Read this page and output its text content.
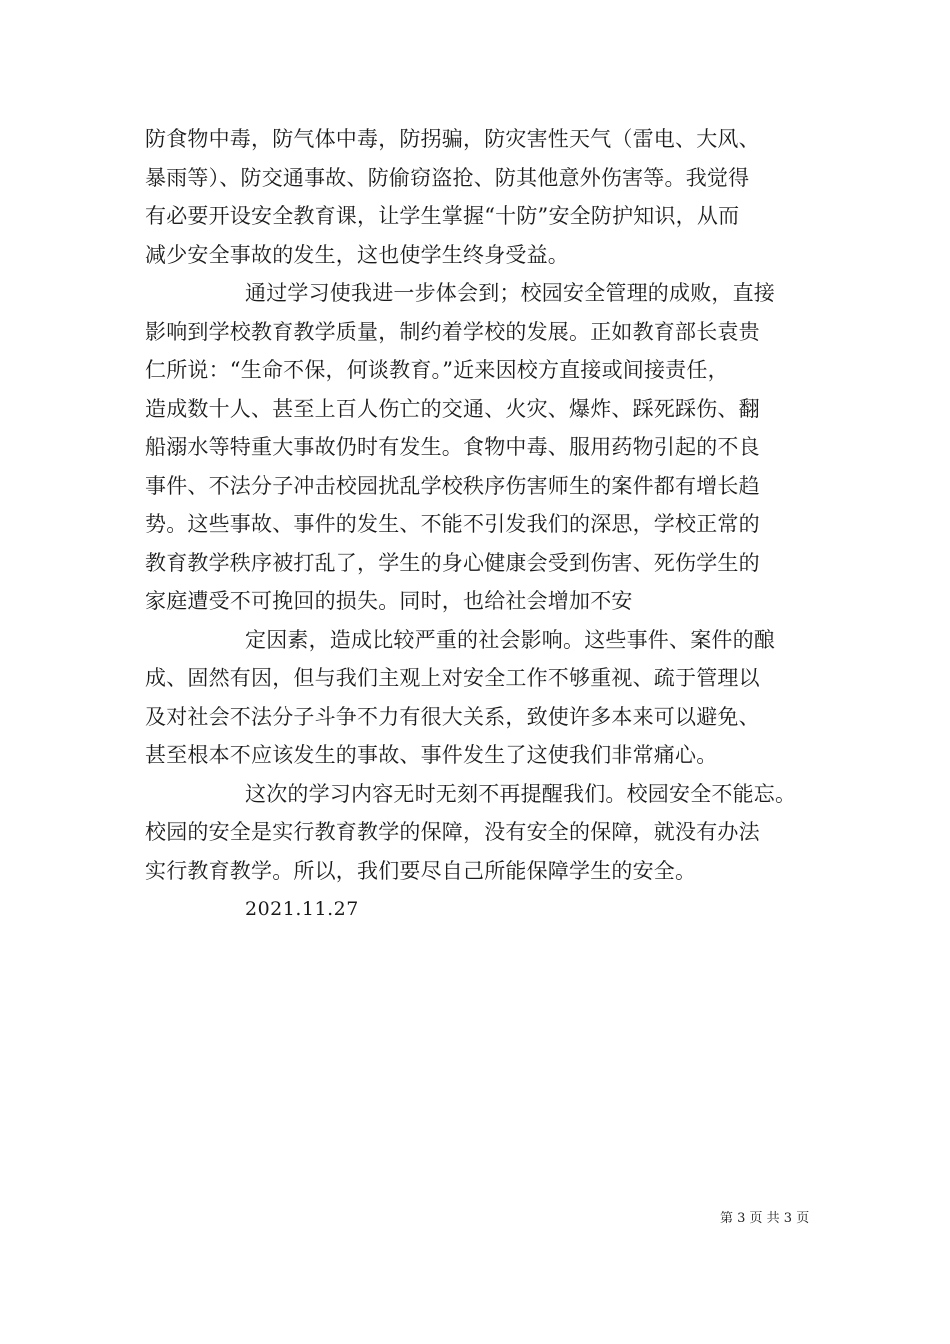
防食物中毒，防气体中毒，防拐骗，防灾害性天气（雷电、大风、
暴雨等）、防交通事故、防偷窃盗抢、防其他意外伤害等。我觉得
有必要开设安全教育课，让学生掌握“十防”安全防护知识，从而
减少安全事故的发生，这也使学生终身受益。
通过学习使我进一步体会到；校园安全管理的成败，直接
影响到学校教育教学质量，制约着学校的发展。正如教育部长袁贵
仁所说：“生命不保，何谈教育。”近来因校方直接或间接责任，
造成数十人、甚至上百人伤亡的交通、火灾、爆炸、踩死踩伤、翻
船溺水等特重大事故仍时有发生。食物中毒、服用药物引起的不良
事件、不法分子冲击校园扰乱学校秩序伤害师生的案件都有增长趋
势。这些事故、事件的发生、不能不引发我们的深思，学校正常的
教育教学秩序被打乱了，学生的身心健康会受到伤害、死伤学生的
家庭遭受不可挽回的损失。同时，也给社会增加不安
定因素，造成比较严重的社会影响。这些事件、案件的酿
成、固然有因，但与我们主观上对安全工作不够重视、疏于管理以
及对社会不法分子斗争不力有很大关系，致使许多本来可以避免、
甚至根本不应该发生的事故、事件发生了这使我们非常痛心。
这次的学习内容无时无刻不再提醒我们。校园安全不能忘。
校园的安全是实行教育教学的保障，没有安全的保障，就没有办法
实行教育教学。所以，我们要尽自己所能保障学生的安全。
2021.11.27
第 3 页 共 3 页
